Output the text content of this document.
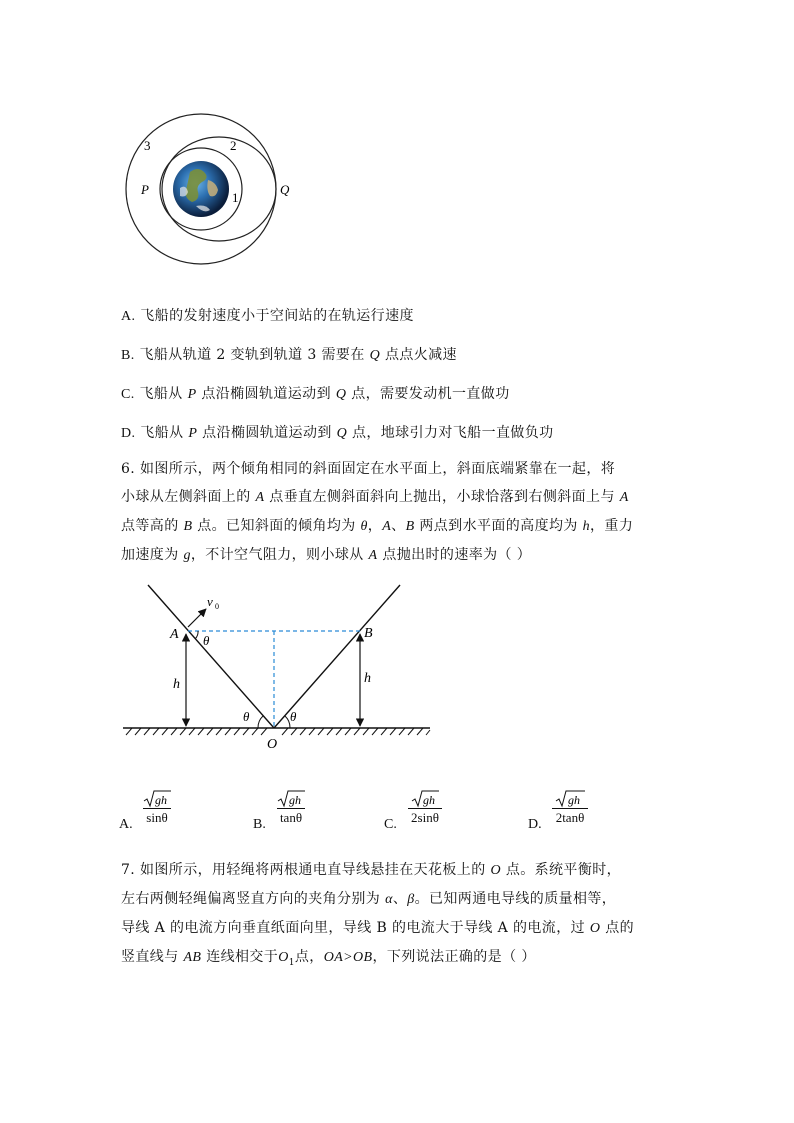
3	2
1
P	Q
A. 飞船的发射速度小于空间站的在轨运行速度
B. 飞船从轨道 2 变轨到轨道 3 需要在 Q 点点火减速
C. 飞船从 P 点沿椭圆轨道运动到 Q 点，需要发动机一直做功
D. 飞船从 P 点沿椭圆轨道运动到 Q 点，地球引力对飞船一直做负功

6. 如图所示，两个倾角相同的斜面固定在水平面上，斜面底端紧靠在一起，将

小球从左侧斜面上的 A 点垂直左侧斜面斜向上抛出，小球恰落到右侧斜面上与 A

点等高的 B 点。已知斜面的倾角均为 θ，A、B 两点到水平面的高度均为 h，重力

加速度为 g，不计空气阻力，则小球从 A 点抛出时的速率为（ ）

A	B
O
v 0
h	h
θ
θ	θ
A. $\frac{gh}{\sin\theta}$	B. $\frac{gh}{\tan\theta}$	C. $\frac{gh}{2\sin\theta}$	D. $\frac{gh}{2\tan\theta}$

7. 如图所示，用轻绳将两根通电直导线悬挂在天花板上的 O 点。系统平衡时，

左右两侧轻绳偏离竖直方向的夹角分别为 α、β。已知两通电导线的质量相等，

导线 A 的电流方向垂直纸面向里，导线 B 的电流大于导线 A 的电流，过 O 点的

竖直线与 AB 连线相交于$O_1$点，OA>OB，下列说法正确的是（ ）
